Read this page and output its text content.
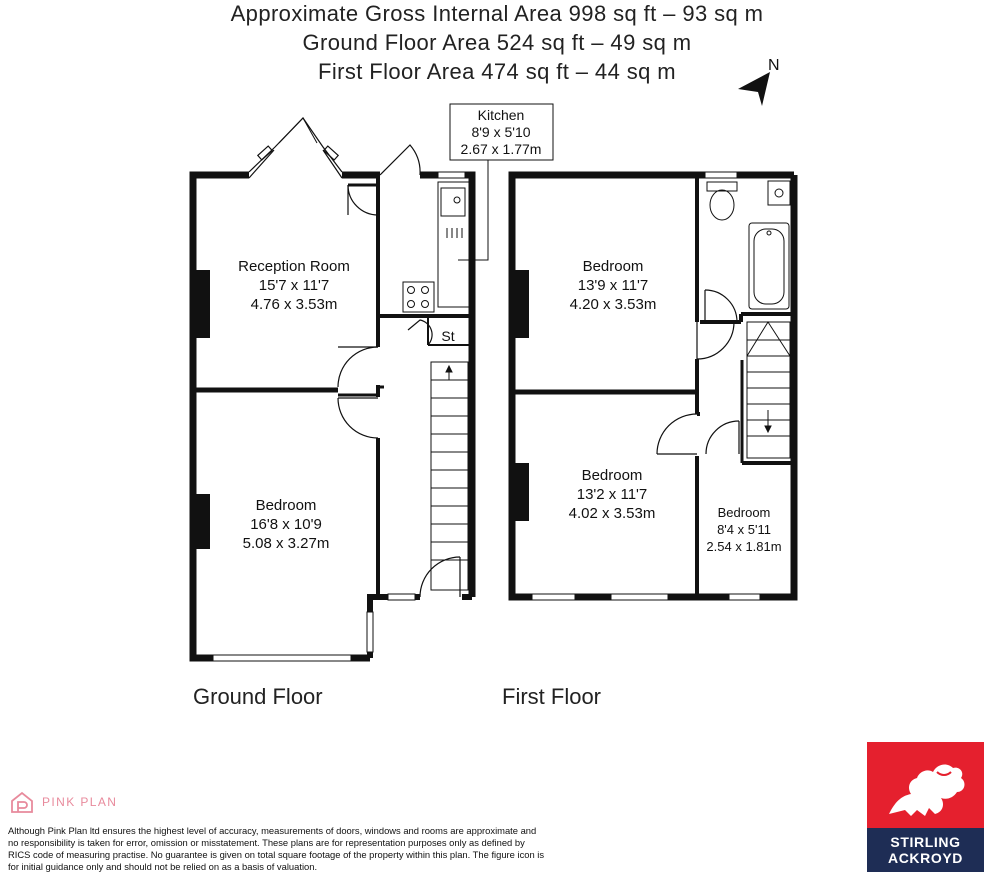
Approximate Gross Internal Area 998 sq ft – 93 sq m
Ground Floor Area 524 sq ft – 49 sq m
First Floor Area 474 sq ft – 44 sq m	N
Reception Room
15'7 x 11'7
4.76 x 3.53m
Bedroom
16'8 x 10'9
5.08 x 3.27m
Kitchen
8'9 x 5'10
2.67 x 1.77m
St
Bedroom
13'9 x 11'7
4.20 x 3.53m
Bedroom
13'2 x 11'7
4.02 x 3.53m	Bedroom
8'4 x 5'11
2.54 x 1.81m
Ground Floor	First Floor
PINK PLAN
Although Pink Plan ltd ensures the highest level of accuracy, measurements of doors, windows and rooms are approximate and no responsibility is taken for error, omission or misstatement. These plans are for representation purposes only as defined by RICS code of measuring practise. No guarantee is given on total square footage of the property within this plan. The figure icon is for initial guidance only and should not be relied on as a basis of valuation.
STIRLING
ACKROYD
